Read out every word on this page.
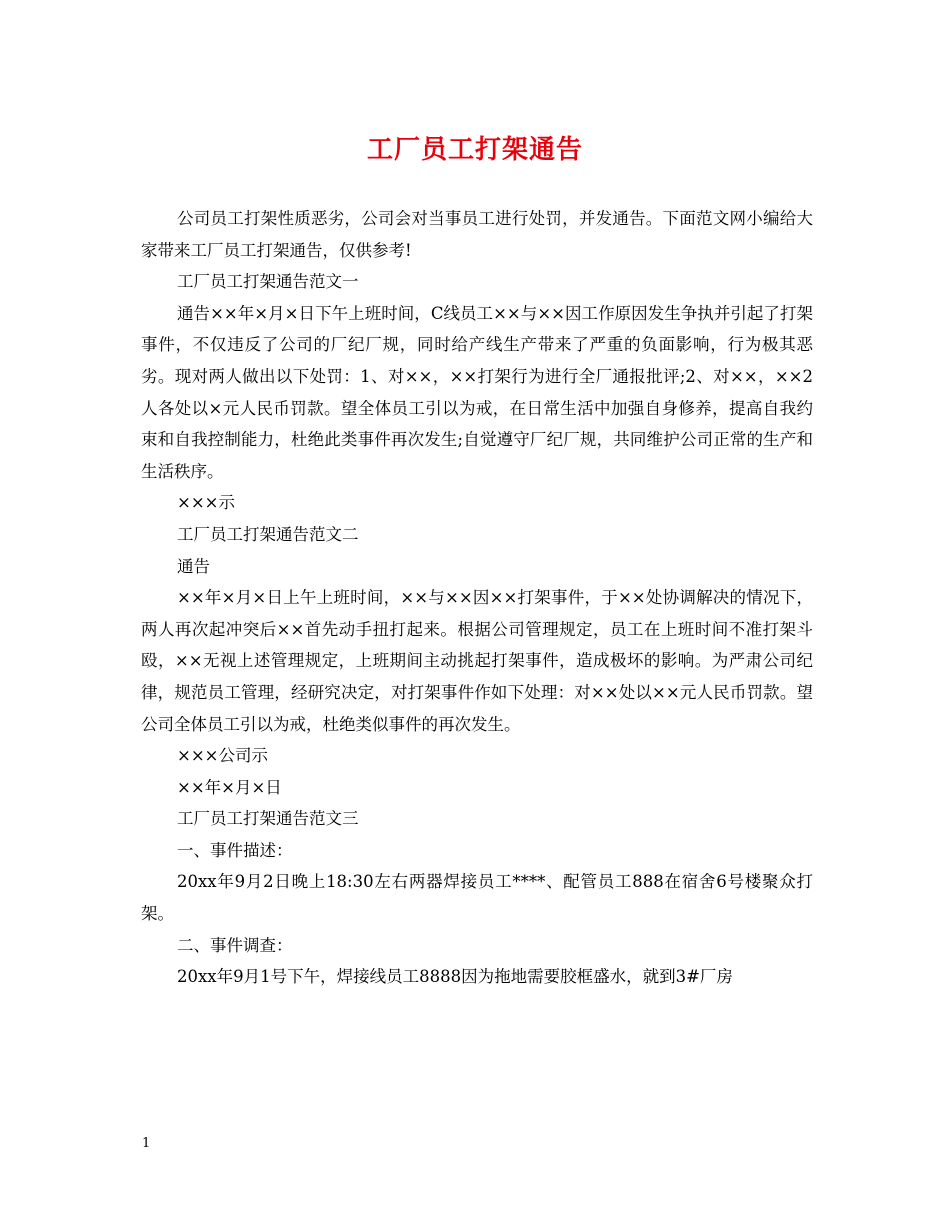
工厂员工打架通告

公司员工打架性质恶劣，公司会对当事员工进行处罚，并发通告。下面范文网小编给大家带来工厂员工打架通告，仅供参考!

工厂员工打架通告范文一

通告××年×月×日下午上班时间，C线员工××与××因工作原因发生争执并引起了打架事件，不仅违反了公司的厂纪厂规，同时给产线生产带来了严重的负面影响，行为极其恶劣。现对两人做出以下处罚：1、对××，××打架行为进行全厂通报批评;2、对××，××2人各处以×元人民币罚款。望全体员工引以为戒，在日常生活中加强自身修养，提高自我约束和自我控制能力，杜绝此类事件再次发生;自觉遵守厂纪厂规，共同维护公司正常的生产和生活秩序。

×××示

工厂员工打架通告范文二

通告

××年×月×日上午上班时间，××与××因××打架事件，于××处协调解决的情况下，两人再次起冲突后××首先动手扭打起来。根据公司管理规定，员工在上班时间不准打架斗殴，××无视上述管理规定，上班期间主动挑起打架事件，造成极坏的影响。为严肃公司纪律，规范员工管理，经研究决定，对打架事件作如下处理：对××处以××元人民币罚款。望公司全体员工引以为戒，杜绝类似事件的再次发生。

×××公司示

××年×月×日

工厂员工打架通告范文三

一、事件描述：

20xx年9月2日晚上18:30左右两器焊接员工****、配管员工888在宿舍6号楼聚众打架。

二、事件调查：

20xx年9月1号下午，焊接线员工8888因为拖地需要胶框盛水，就到3#厂房

1
